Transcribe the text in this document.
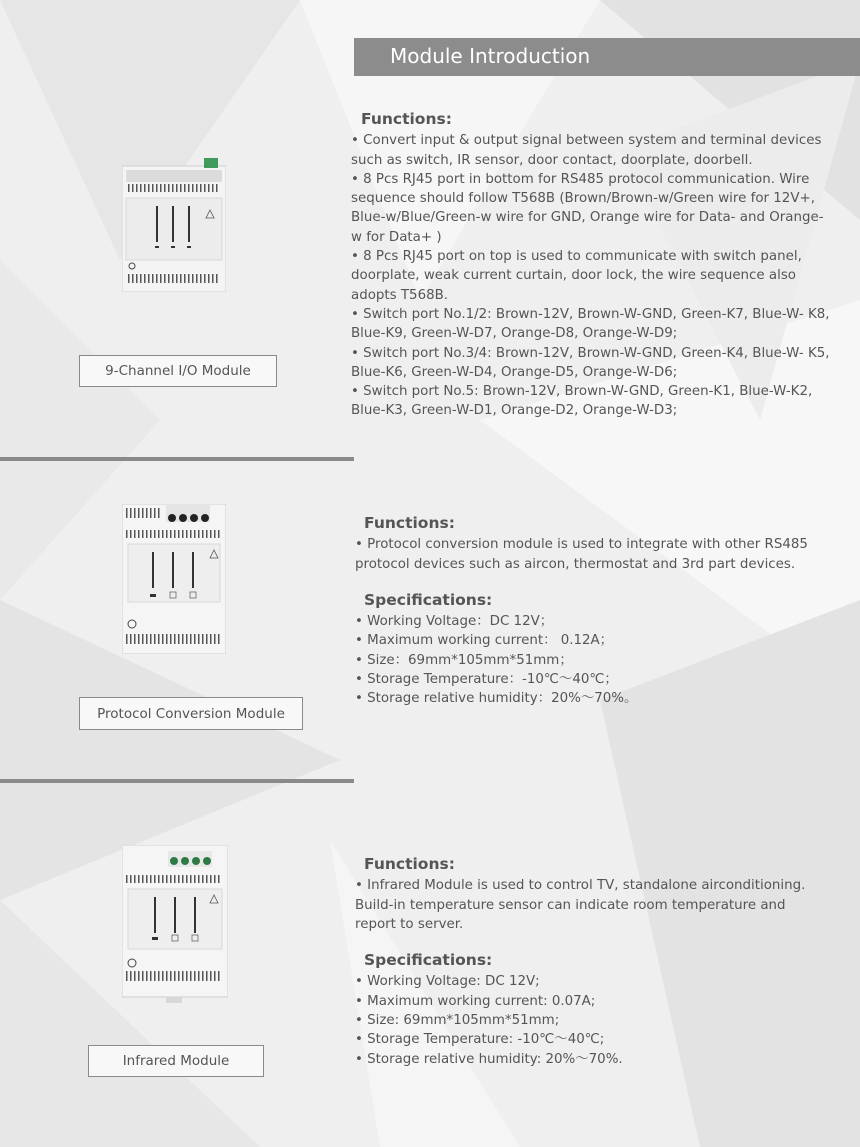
Module Introduction
9-Channel I/O Module
Functions:

• Convert input & output signal between system and terminal devices

such as switch, IR sensor, door contact, doorplate, doorbell.

• 8 Pcs RJ45 port in bottom for RS485 protocol communication. Wire

sequence should follow T568B (Brown/Brown-w/Green wire for 12V+,

Blue-w/Blue/Green-w wire for GND, Orange wire for Data- and Orange-

w for Data+ )

• 8 Pcs RJ45 port on top is used to communicate with switch panel,

doorplate, weak current curtain, door lock, the wire sequence also

adopts T568B.

• Switch port No.1/2: Brown-12V, Brown-W-GND, Green-K7, Blue-W- K8,

Blue-K9, Green-W-D7, Orange-D8, Orange-W-D9;

• Switch port No.3/4: Brown-12V, Brown-W-GND, Green-K4, Blue-W- K5,

Blue-K6, Green-W-D4, Orange-D5, Orange-W-D6;

• Switch port No.5: Brown-12V, Brown-W-GND, Green-K1, Blue-W-K2,

Blue-K3, Green-W-D1, Orange-D2, Orange-W-D3;

Protocol Conversion Module
Functions:

• Protocol conversion module is used to integrate with other RS485

protocol devices such as aircon, thermostat and 3rd part devices.

Specifications:

• Working Voltage：DC 12V；

• Maximum working current： 0.12A；

• Size：69mm*105mm*51mm；

• Storage Temperature：-10℃～40℃；

• Storage relative humidity：20%～70%。

Infrared Module
Functions:

• Infrared Module is used to control TV, standalone airconditioning.

Build-in temperature sensor can indicate room temperature and

report to server.

Specifications:

• Working Voltage: DC 12V;

• Maximum working current: 0.07A;

• Size: 69mm*105mm*51mm;

• Storage Temperature: -10℃～40℃;

• Storage relative humidity: 20%～70%.
